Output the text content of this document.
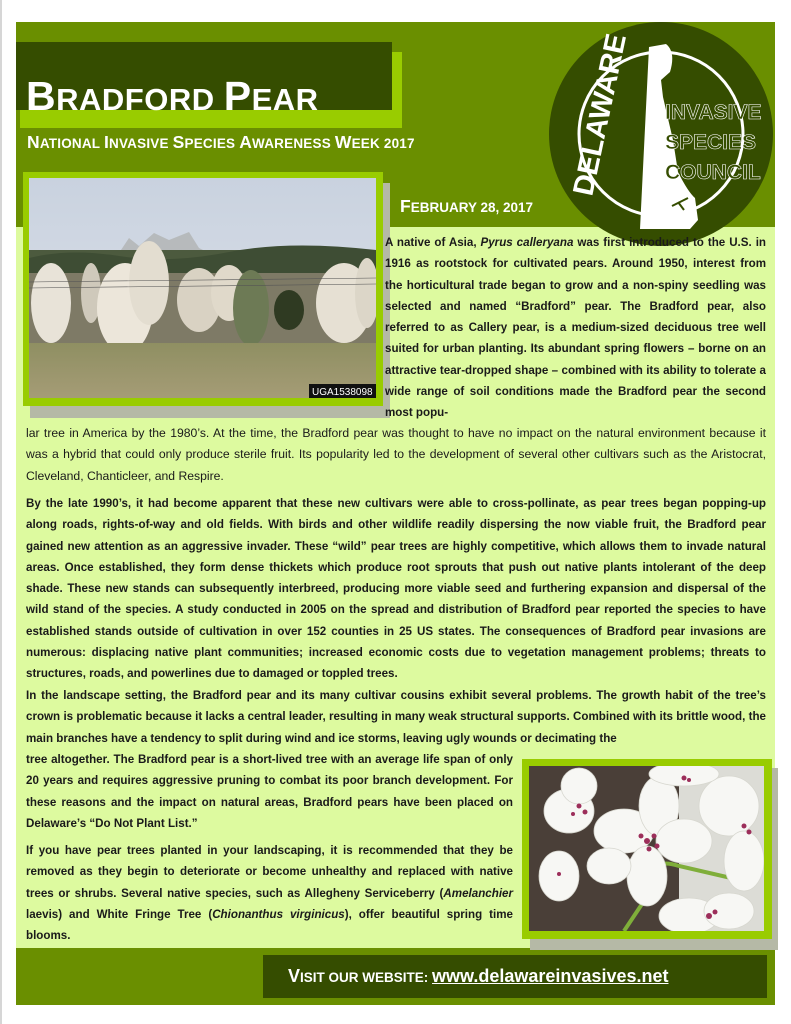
BRADFORD PEAR
NATIONAL INVASIVE SPECIES AWARENESS WEEK 2017
FEBRUARY 28, 2017
UGA1538098
DELAWARE INVASIVE
SPECIES
COUNCIL

A native of Asia, Pyrus calleryana was first introduced to the U.S. in 1916 as rootstock for cultivated pears. Around 1950, interest from the horticultural trade began to grow and a non-spiny seedling was selected and named “Bradford” pear. The Bradford pear, also referred to as Callery pear, is a medium-sized deciduous tree well suited for urban planting. Its abundant spring flowers – borne on an attractive tear-dropped shape – combined with its ability to tolerate a wide range of soil conditions made the Bradford pear the second most popu-

lar tree in America by the 1980’s. At the time, the Bradford pear was thought to have no impact on the natural environment because it was a hybrid that could only produce sterile fruit. Its popularity led to the development of several other cultivars such as the Aristocrat, Cleveland, Chanticleer, and Respire.

By the late 1990’s, it had become apparent that these new cultivars were able to cross-pollinate, as pear trees began popping-up along roads, rights-of-way and old fields. With birds and other wildlife readily dispersing the now viable fruit, the Bradford pear gained new attention as an aggressive invader. These “wild” pear trees are highly competitive, which allows them to invade natural areas. Once established, they form dense thickets which produce root sprouts that push out native plants intolerant of the deep shade. These new stands can subsequently interbreed, producing more viable seed and furthering expansion and dispersal of the wild stand of the species. A study conducted in 2005 on the spread and distribution of Bradford pear reported the species to have established stands outside of cultivation in over 152 counties in 25 US states. The consequences of Bradford pear invasions are numerous: displacing native plant communities; increased economic costs due to vegetation management problems; threats to structures, roads, and powerlines due to damaged or toppled trees.

In the landscape setting, the Bradford pear and its many cultivar cousins exhibit several problems. The growth habit of the tree’s crown is problematic because it lacks a central leader, resulting in many weak structural supports. Combined with its brittle wood, the main branches have a tendency to split during wind and ice storms, leaving ugly wounds or decimating the

tree altogether. The Bradford pear is a short-lived tree with an average life span of only 20 years and requires aggressive pruning to combat its poor branch development. For these reasons and the impact on natural areas, Bradford pears have been placed on Delaware’s “Do Not Plant List.”

If you have pear trees planted in your landscaping, it is recommended that they be removed as they begin to deteriorate or become unhealthy and replaced with native trees or shrubs. Several native species, such as Allegheny Serviceberry (Amelanchier laevis) and White Fringe Tree (Chionanthus virginicus), offer beautiful spring time blooms.

VISIT OUR WEBSITE: www.delawareinvasives.net
